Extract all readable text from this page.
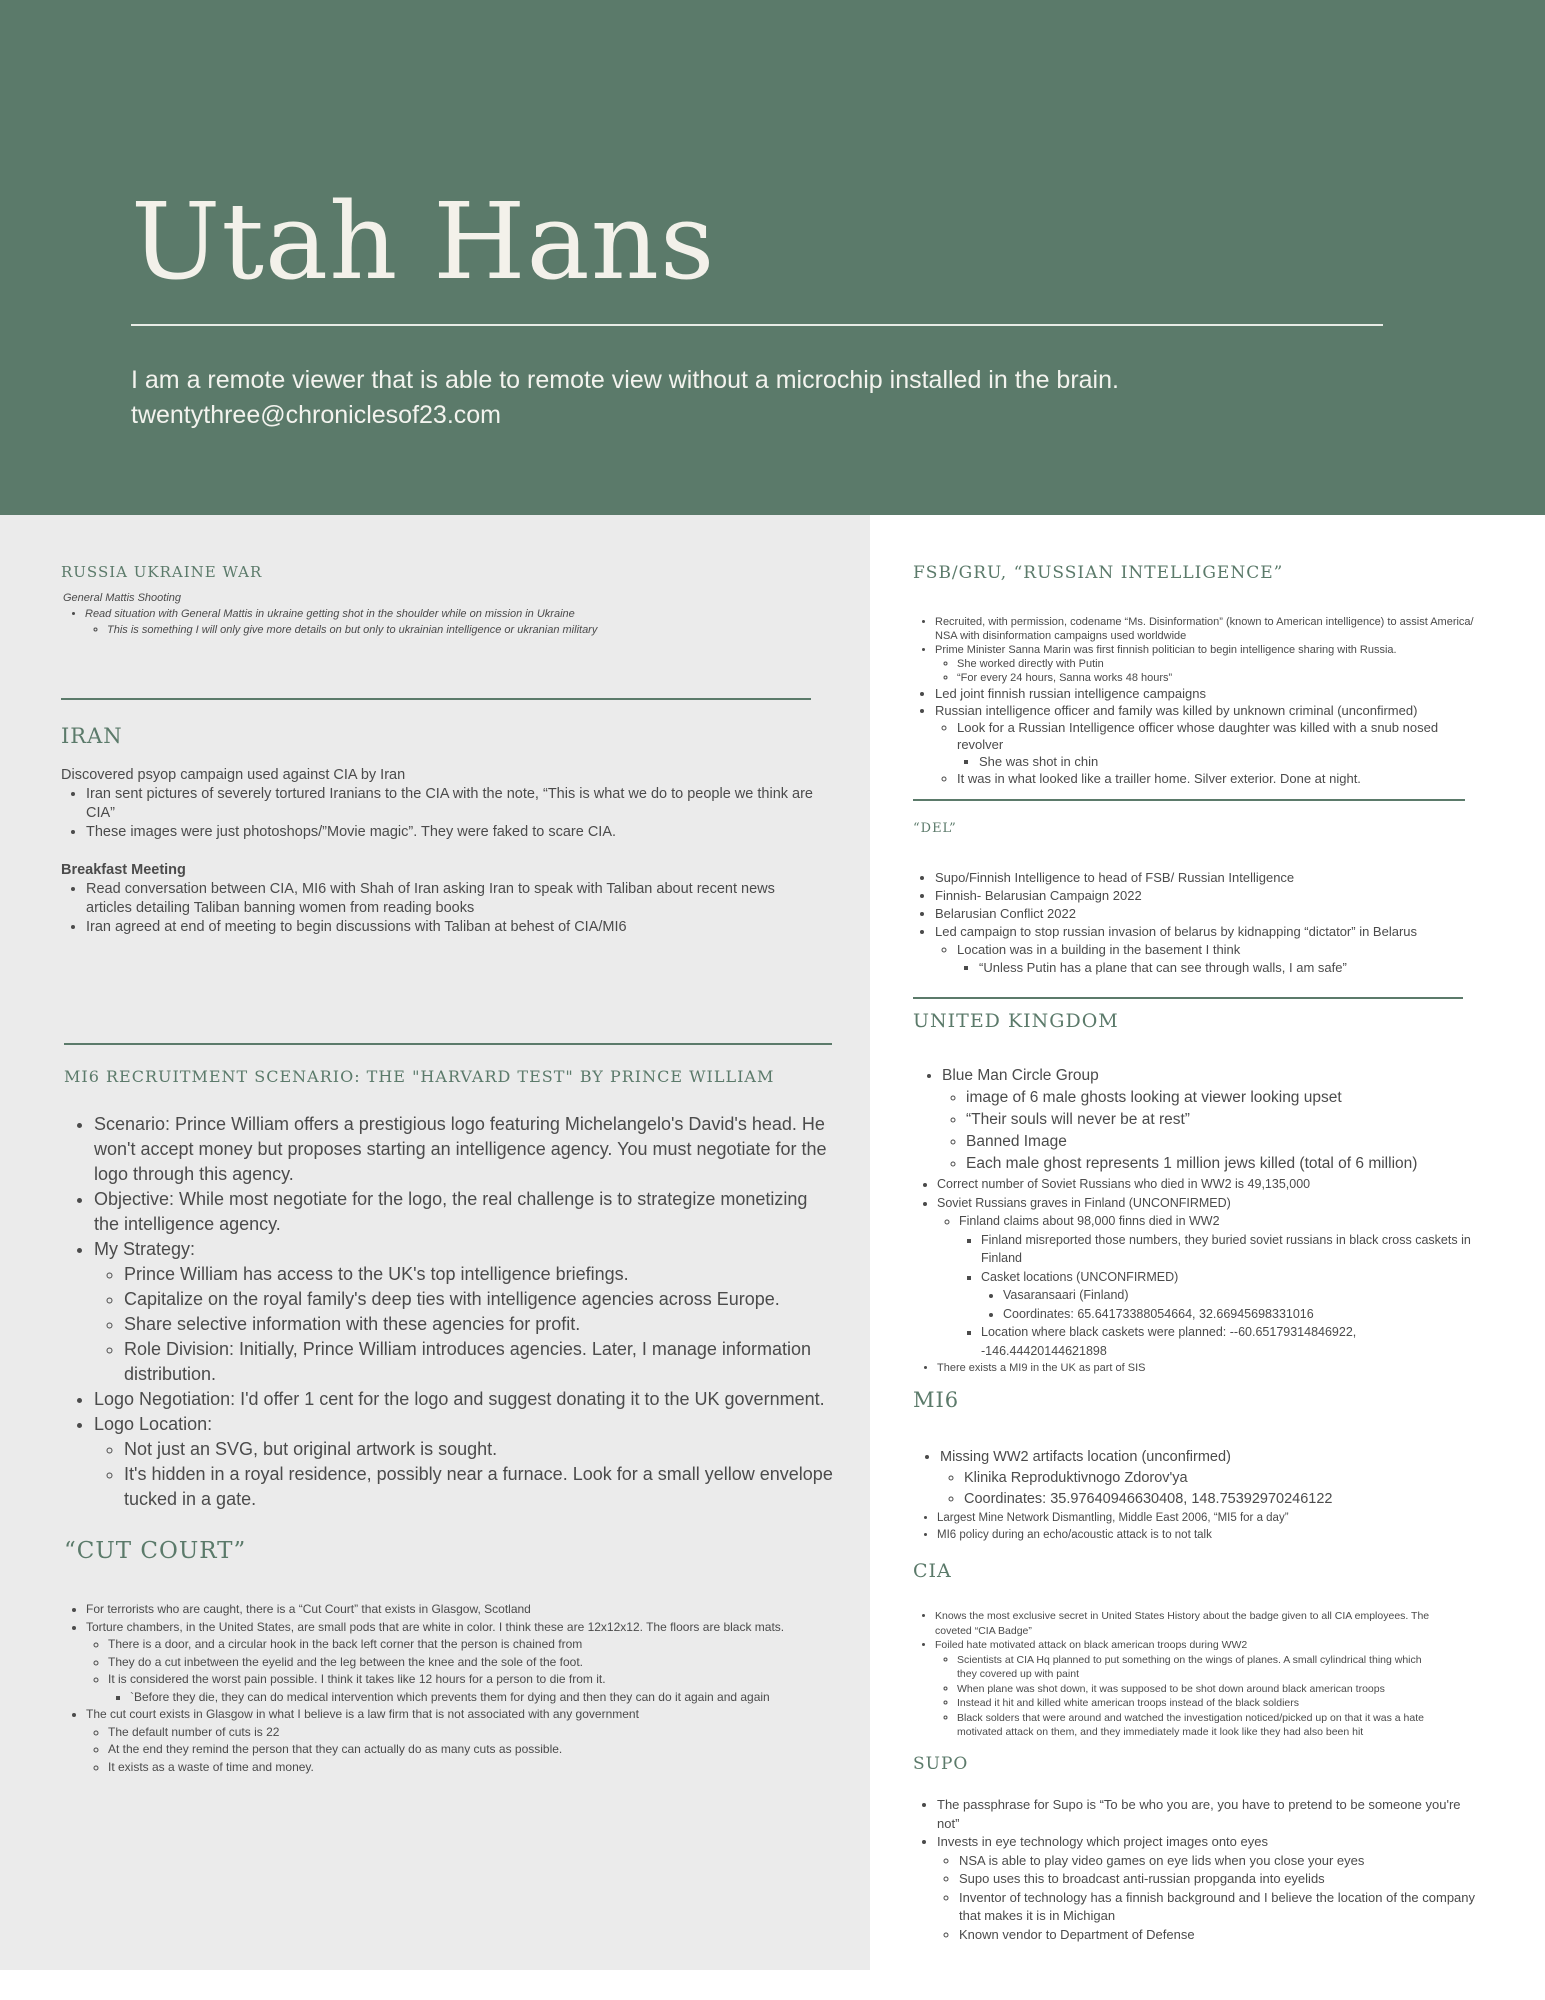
Utah Hans
I am a remote viewer that is able to remote view without a microchip installed in the brain.
twentythree@chroniclesof23.com
RUSSIA UKRAINE WAR

General Mattis Shooting

• Read situation with General Mattis in ukraine getting shot in the shoulder while on mission in Ukraine
◦ This is something I will only give more details on but only to ukrainian intelligence or ukranian military
IRAN

Discovered psyop campaign used against CIA by Iran

• Iran sent pictures of severely tortured Iranians to the CIA with the note, “This is what we do to people we think are CIA”
• These images were just photoshops/”Movie magic”. They were faked to scare CIA.

Breakfast Meeting

• Read conversation between CIA, MI6 with Shah of Iran asking Iran to speak with Taliban about recent news articles detailing Taliban banning women from reading books
• Iran agreed at end of meeting to begin discussions with Taliban at behest of CIA/MI6
MI6 RECRUITMENT SCENARIO: THE "HARVARD TEST" BY PRINCE WILLIAM
• Scenario: Prince William offers a prestigious logo featuring Michelangelo's David's head. He won't accept money but proposes starting an intelligence agency. You must negotiate for the logo through this agency.
• Objective: While most negotiate for the logo, the real challenge is to strategize monetizing the intelligence agency.
• My Strategy:
◦ Prince William has access to the UK's top intelligence briefings.
◦ Capitalize on the royal family's deep ties with intelligence agencies across Europe.
◦ Share selective information with these agencies for profit.
◦ Role Division: Initially, Prince William introduces agencies. Later, I manage information distribution.
• Logo Negotiation: I'd offer 1 cent for the logo and suggest donating it to the UK government.
• Logo Location:
◦ Not just an SVG, but original artwork is sought.
◦ It's hidden in a royal residence, possibly near a furnace. Look for a small yellow envelope tucked in a gate.
“CUT COURT”
• For terrorists who are caught, there is a “Cut Court” that exists in Glasgow, Scotland
• Torture chambers, in the United States, are small pods that are white in color. I think these are 12x12x12. The floors are black mats.
◦ There is a door, and a circular hook in the back left corner that the person is chained from
◦ They do a cut inbetween the eyelid and the leg between the knee and the sole of the foot.
◦ It is considered the worst pain possible. I think it takes like 12 hours for a person to die from it.
▪ `Before they die, they can do medical intervention which prevents them for dying and then they can do it again and again
• The cut court exists in Glasgow in what I believe is a law firm that is not associated with any government
◦ The default number of cuts is 22
◦ At the end they remind the person that they can actually do as many cuts as possible.
◦ It exists as a waste of time and money.
FSB/GRU, “RUSSIAN INTELLIGENCE”
• Recruited, with permission, codename “Ms. Disinformation” (known to American intelligence) to assist America/ NSA with disinformation campaigns used worldwide
• Prime Minister Sanna Marin was first finnish politician to begin intelligence sharing with Russia.
◦ She worked directly with Putin
◦ “For every 24 hours, Sanna works 48 hours”
• Led joint finnish russian intelligence campaigns
• Russian intelligence officer and family was killed by unknown criminal (unconfirmed)
◦ Look for a Russian Intelligence officer whose daughter was killed with a snub nosed revolver
▪ She was shot in chin
◦ It was in what looked like a trailler home. Silver exterior. Done at night.
“DEL”
• Supo/Finnish Intelligence to head of FSB/ Russian Intelligence
• Finnish- Belarusian Campaign 2022
• Belarusian Conflict 2022
• Led campaign to stop russian invasion of belarus by kidnapping “dictator” in Belarus
◦ Location was in a building in the basement I think
▪ “Unless Putin has a plane that can see through walls, I am safe”
UNITED KINGDOM
• Blue Man Circle Group
◦ image of 6 male ghosts looking at viewer looking upset
◦ “Their souls will never be at rest”
◦ Banned Image
◦ Each male ghost represents 1 million jews killed (total of 6 million)
• Correct number of Soviet Russians who died in WW2 is 49,135,000
• Soviet Russians graves in Finland (UNCONFIRMED)
◦ Finland claims about 98,000 finns died in WW2
▪ Finland misreported those numbers, they buried soviet russians in black cross caskets in Finland
▪ Casket locations (UNCONFIRMED)
• Vasaransaari (Finland)
• Coordinates: 65.64173388054664, 32.66945698331016
▪ Location where black caskets were planned: --60.65179314846922, -146.44420144621898
• There exists a MI9 in the UK as part of SIS
MI6
• Missing WW2 artifacts location (unconfirmed)
◦ Klinika Reproduktivnogo Zdorov'ya
◦ Coordinates: 35.97640946630408, 148.75392970246122
• Largest Mine Network Dismantling, Middle East 2006, “MI5 for a day”
• MI6 policy during an echo/acoustic attack is to not talk
CIA
• Knows the most exclusive secret in United States History about the badge given to all CIA employees. The coveted “CIA Badge”
• Foiled hate motivated attack on black american troops during WW2
◦ Scientists at CIA Hq planned to put something on the wings of planes. A small cylindrical thing which they covered up with paint
◦ When plane was shot down, it was supposed to be shot down around black american troops
◦ Instead it hit and killed white american troops instead of the black soldiers
◦ Black solders that were around and watched the investigation noticed/picked up on that it was a hate motivated attack on them, and they immediately made it look like they had also been hit
SUPO
• The passphrase for Supo is “To be who you are, you have to pretend to be someone you're not”
• Invests in eye technology which project images onto eyes
◦ NSA is able to play video games on eye lids when you close your eyes
◦ Supo uses this to broadcast anti-russian propganda into eyelids
◦ Inventor of technology has a finnish background and I believe the location of the company that makes it is in Michigan
◦ Known vendor to Department of Defense
